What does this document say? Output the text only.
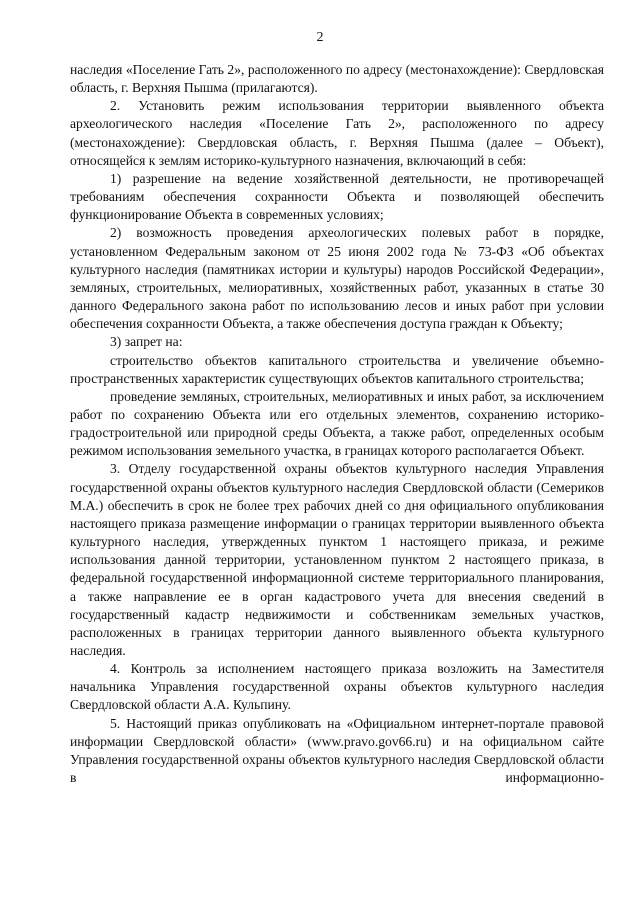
2

наследия «Поселение Гать 2», расположенного по адресу (местонахождение): Свердловская область, г. Верхняя Пышма (прилагаются).

2. Установить режим использования территории выявленного объекта археологического наследия «Поселение Гать 2», расположенного по адресу (местонахождение): Свердловская область, г. Верхняя Пышма (далее – Объект), относящейся к землям историко-культурного назначения, включающий в себя:

1) разрешение на ведение хозяйственной деятельности, не противоречащей требованиям обеспечения сохранности Объекта и позволяющей обеспечить функционирование Объекта в современных условиях;

2) возможность проведения археологических полевых работ в порядке, установленном Федеральным законом от 25 июня 2002 года № 73-ФЗ «Об объектах культурного наследия (памятниках истории и культуры) народов Российской Федерации», земляных, строительных, мелиоративных, хозяйственных работ, указанных в статье 30 данного Федерального закона работ по использованию лесов и иных работ при условии обеспечения сохранности Объекта, а также обеспечения доступа граждан к Объекту;

3) запрет на:

строительство объектов капитального строительства и увеличение объемно-пространственных характеристик существующих объектов капитального строительства;

проведение земляных, строительных, мелиоративных и иных работ, за исключением работ по сохранению Объекта или его отдельных элементов, сохранению историко-градостроительной или природной среды Объекта, а также работ, определенных особым режимом использования земельного участка, в границах которого располагается Объект.

3. Отделу государственной охраны объектов культурного наследия Управления государственной охраны объектов культурного наследия Свердловской области (Семериков М.А.) обеспечить в срок не более трех рабочих дней со дня официального опубликования настоящего приказа размещение информации о границах территории выявленного объекта культурного наследия, утвержденных пунктом 1 настоящего приказа, и режиме использования данной территории, установленном пунктом 2 настоящего приказа, в федеральной государственной информационной системе территориального планирования, а также направление ее в орган кадастрового учета для внесения сведений в государственный кадастр недвижимости и собственникам земельных участков, расположенных в границах территории данного выявленного объекта культурного наследия.

4. Контроль за исполнением настоящего приказа возложить на Заместителя начальника Управления государственной охраны объектов культурного наследия Свердловской области А.А. Кульпину.

5. Настоящий приказ опубликовать на «Официальном интернет-портале правовой информации Свердловской области» (www.pravo.gov66.ru) и на официальном сайте Управления государственной охраны объектов культурного наследия Свердловской области в информационно-
